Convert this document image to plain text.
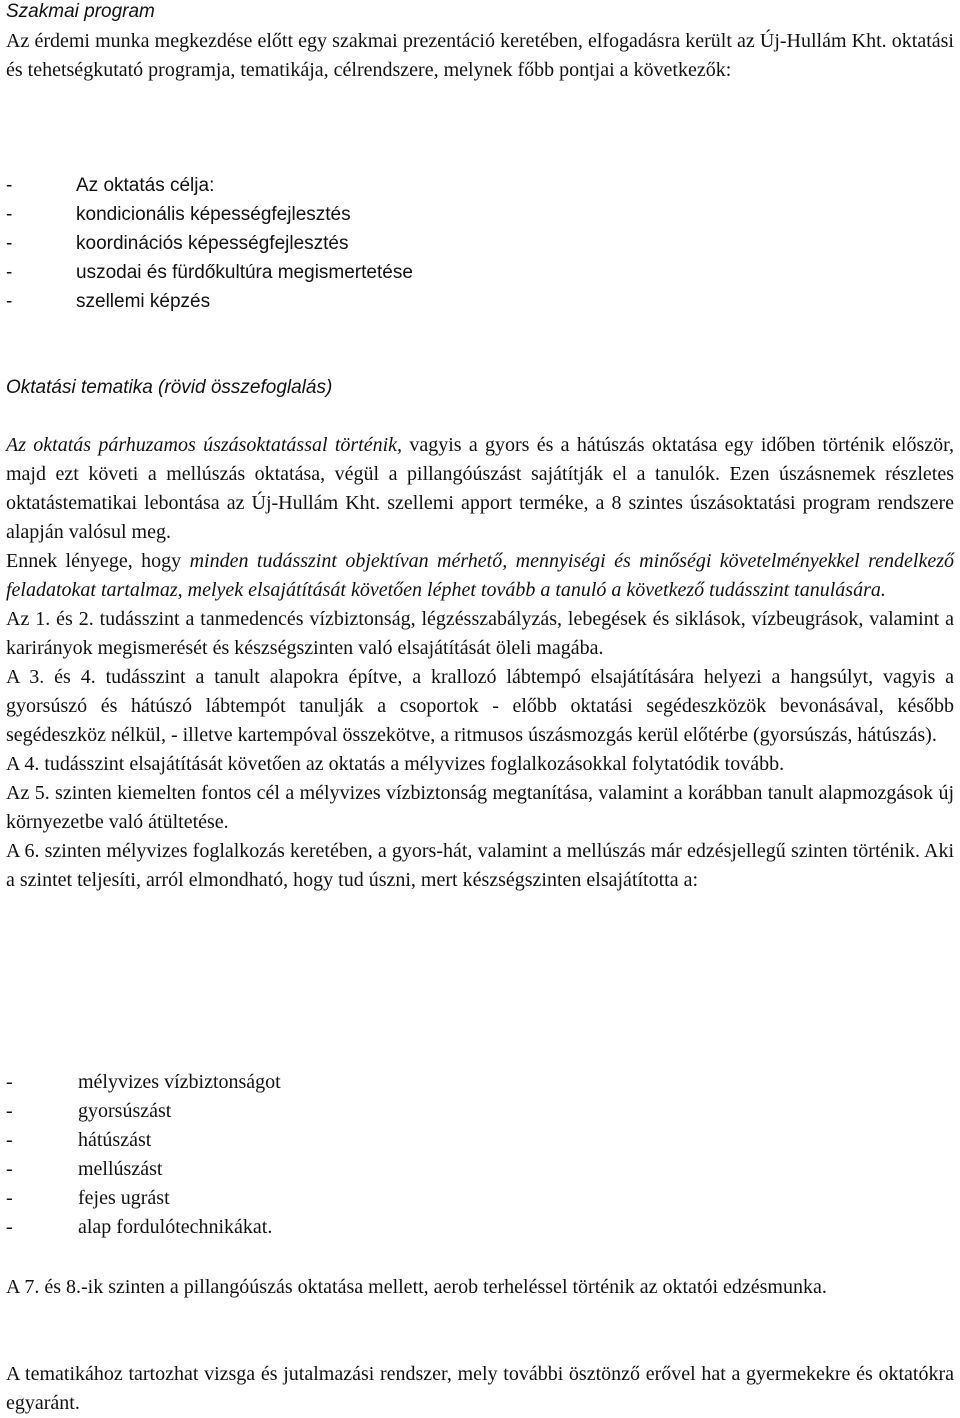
Szakmai program

Az érdemi munka megkezdése előtt egy szakmai prezentáció keretében, elfogadásra került az Új-Hullám Kht. oktatási és tehetségkutató programja, tematikája, célrendszere, melynek főbb pontjai a következők:

-	Az oktatás célja:
-	kondicionális képességfejlesztés
-	koordinációs képességfejlesztés
-	uszodai és fürdőkultúra megismertetése
-	szellemi képzés
Oktatási tematika (rövid összefoglalás)

Az oktatás párhuzamos úszásoktatással történik, vagyis a gyors és a hátúszás oktatása egy időben történik először, majd ezt követi a mellúszás oktatása, végül a pillangóúszást sajátítják el a tanulók. Ezen úszásnemek részletes oktatástematikai lebontása az Új-Hullám Kht. szellemi apport terméke, a 8 szintes úszásoktatási program rendszere alapján valósul meg.

Ennek lényege, hogy minden tudásszint objektívan mérhető, mennyiségi és minőségi követelményekkel rendelkező feladatokat tartalmaz, melyek elsajátítását követően léphet tovább a tanuló a következő tudásszint tanulására.

Az 1. és 2. tudásszint a tanmedencés vízbiztonság, légzésszabályzás, lebegések és siklások, vízbeugrások, valamint a karirányok megismerését és készségszinten való elsajátítását öleli magába.

A 3. és 4. tudásszint a tanult alapokra építve, a krallozó lábtempó elsajátítására helyezi a hangsúlyt, vagyis a gyorsúszó és hátúszó lábtempót tanulják a csoportok - előbb oktatási segédeszközök bevonásával, később segédeszköz nélkül, - illetve kartempóval összekötve, a ritmusos úszásmozgás kerül előtérbe (gyorsúszás, hátúszás).

A 4. tudásszint elsajátítását követően az oktatás a mélyvizes foglalkozásokkal folytatódik tovább.

Az 5. szinten kiemelten fontos cél a mélyvizes vízbiztonság megtanítása, valamint a korábban tanult alapmozgások új környezetbe való átültetése.

A 6. szinten mélyvizes foglalkozás keretében, a gyors-hát, valamint a mellúszás már edzésjellegű szinten történik. Aki a szintet teljesíti, arról elmondható, hogy tud úszni, mert készségszinten elsajátította a:

-	mélyvizes vízbiztonságot
-	gyorsúszást
-	hátúszást
-	mellúszást
-	fejes ugrást
-	alap fordulótechnikákat.

A 7. és 8.-ik szinten a pillangóúszás oktatása mellett, aerob terheléssel történik az oktatói edzésmunka.

A tematikához tartozhat vizsga és jutalmazási rendszer, mely további ösztönző erővel hat a gyermekekre és oktatókra egyaránt.
